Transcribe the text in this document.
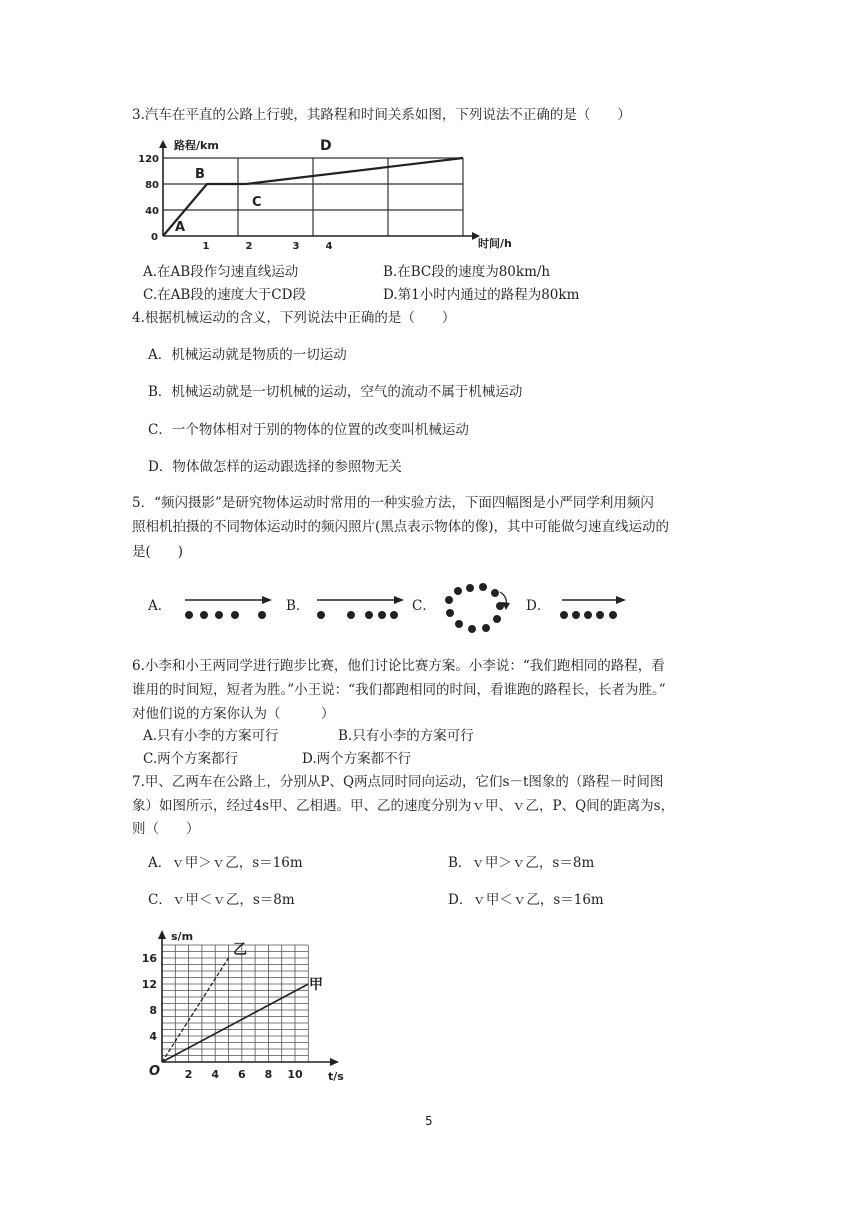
3.汽车在平直的公路上行驶，其路程和时间关系如图，下列说法不正确的是（　　）
路程/km
时间/h
0
40
80
120
1	2	3	4
A
B
C
D
A.在AB段作匀速直线运动	B.在BC段的速度为80km/h
C.在AB段的速度大于CD段	D.第1小时内通过的路程为80km
4.根据机械运动的含义，下列说法中正确的是（　　）
A．机械运动就是物质的一切运动
B．机械运动就是一切机械的运动，空气的流动不属于机械运动
C．一个物体相对于别的物体的位置的改变叫机械运动
D．物体做怎样的运动跟选择的参照物无关
5．“频闪摄影”是研究物体运动时常用的一种实验方法，下面四幅图是小严同学利用频闪
照相机拍摄的不同物体运动时的频闪照片(黑点表示物体的像)，其中可能做匀速直线运动的
是(　　)
A．	B．	C．	D．
6.小李和小王两同学进行跑步比赛，他们讨论比赛方案。小李说：“我们跑相同的路程，看
谁用的时间短，短者为胜。”小王说：“我们都跑相同的时间，看谁跑的路程长，长者为胜。”
对他们说的方案你认为（　　　）
A.只有小李的方案可行	B.只有小李的方案可行
C.两个方案都行	D.两个方案都不行
7.甲、乙两车在公路上，分别从P、Q两点同时同向运动，它们s－t图象的（路程－时间图
象）如图所示，经过4s甲、乙相遇。甲、乙的速度分别为ｖ甲、ｖ乙，P、Q间的距离为s，
则（　　）
A．ｖ甲＞ｖ乙，s＝16m	B．ｖ甲＞ｖ乙，s＝8m
C．ｖ甲＜ｖ乙，s＝8m	D．ｖ甲＜ｖ乙，s＝16m
s/m
t/s
O
4
8
12
16
2 4 6 8 10
乙
甲
5
